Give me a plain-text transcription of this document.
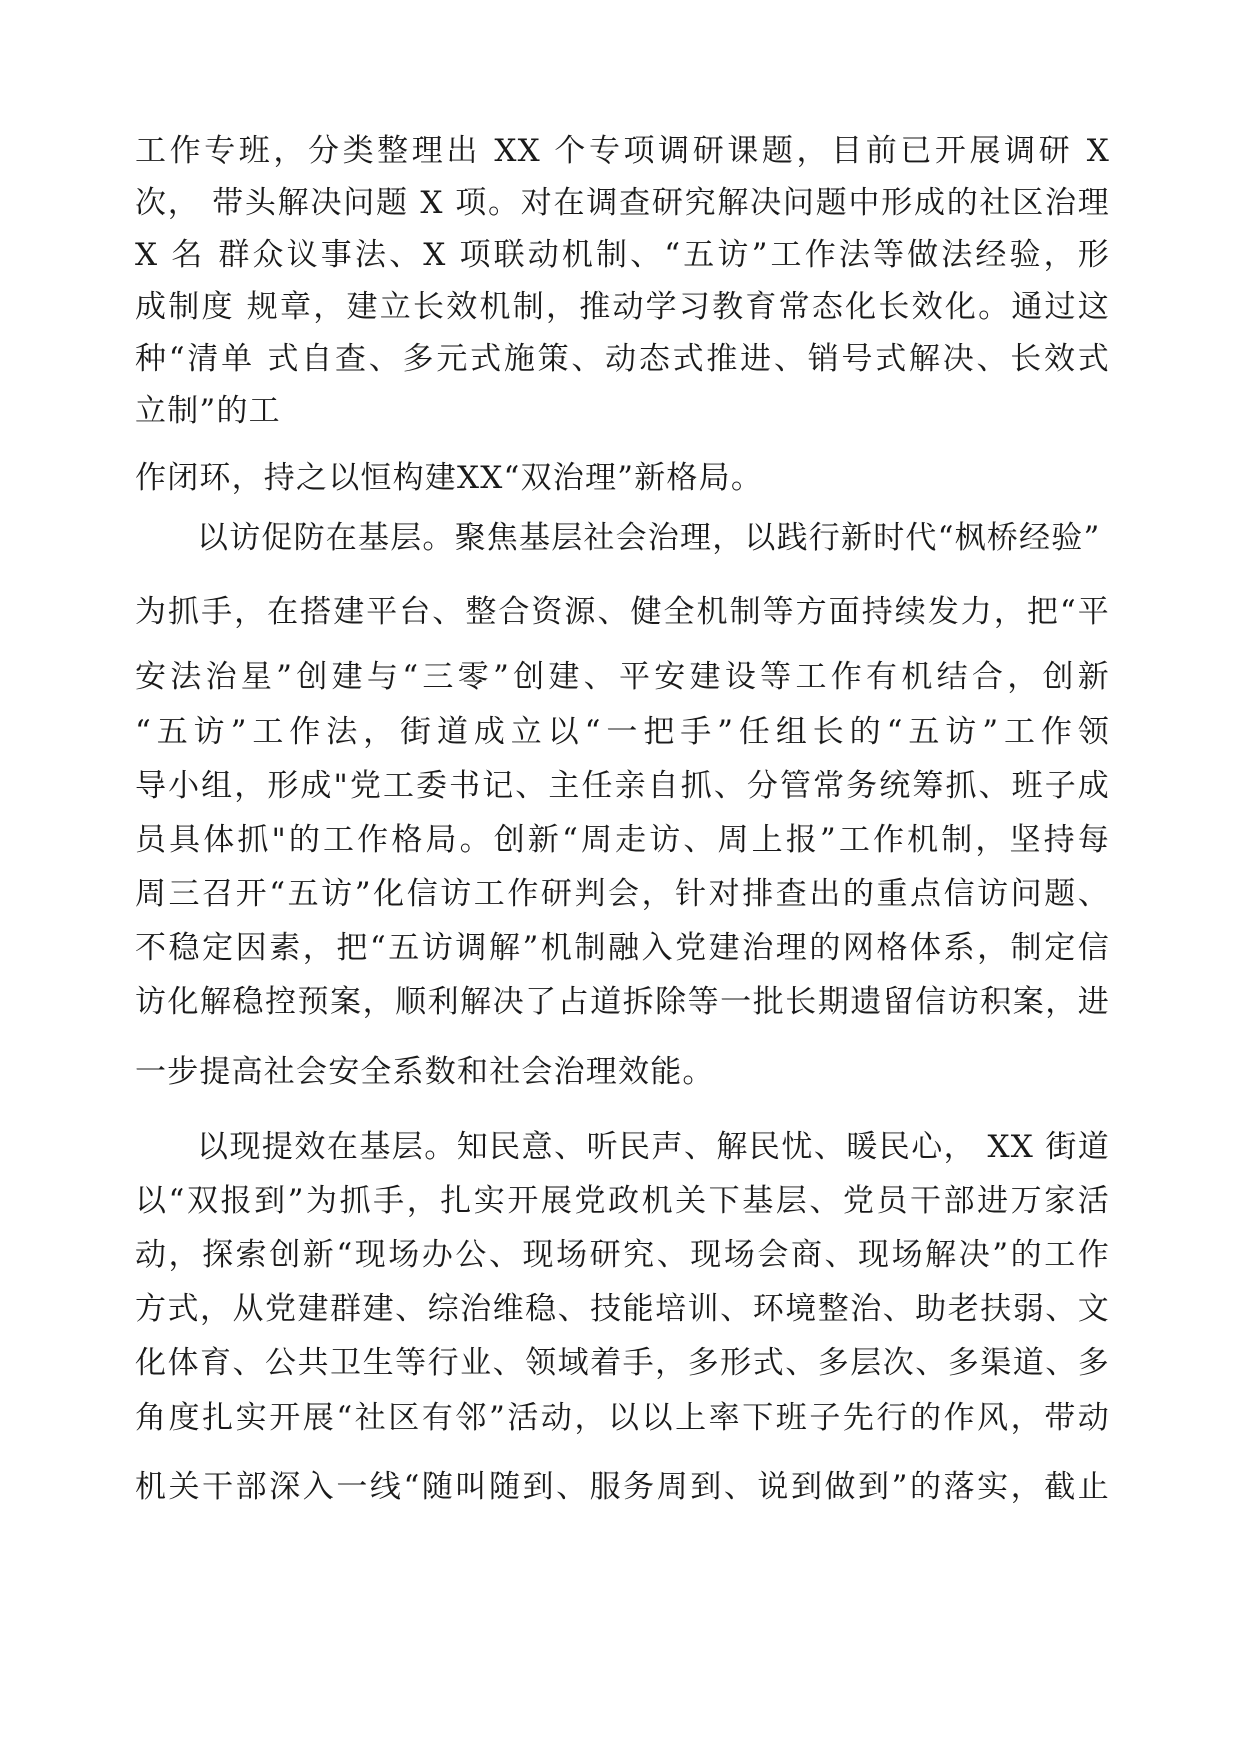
工作专班，分类整理出 XX 个专项调研课题，目前已开展调研 X
次， 带头解决问题 X 项。对在调查研究解决问题中形成的社区治理
X 名 群众议事法、X 项联动机制、“五访”工作法等做法经验，形
成制度 规章，建立长效机制，推动学习教育常态化长效化。通过这
种“清单 式自查、多元式施策、动态式推进、销号式解决、长效式
立制”的工
作闭环，持之以恒构建XX“双治理”新格局。
以访促防在基层。聚焦基层社会治理，以践行新时代“枫桥经验”
为抓手，在搭建平台、整合资源、健全机制等方面持续发力，把“平
安法治星”创建与“三零”创建、平安建设等工作有机结合，创新
“五访”工作法，街道成立以“一把手”任组长的“五访”工作领
导小组，形成"党工委书记、主任亲自抓、分管常务统筹抓、班子成
员具体抓"的工作格局。创新“周走访、周上报”工作机制，坚持每
周三召开“五访”化信访工作研判会，针对排查出的重点信访问题、
不稳定因素，把“五访调解”机制融入党建治理的网格体系，制定信
访化解稳控预案，顺利解决了占道拆除等一批长期遗留信访积案，进
一步提高社会安全系数和社会治理效能。
以现提效在基层。知民意、听民声、解民忧、暖民心， XX 街道
以“双报到”为抓手，扎实开展党政机关下基层、党员干部进万家活
动，探索创新“现场办公、现场研究、现场会商、现场解决”的工作
方式，从党建群建、综治维稳、技能培训、环境整治、助老扶弱、文
化体育、公共卫生等行业、领域着手，多形式、多层次、多渠道、多
角度扎实开展“社区有邻”活动，以以上率下班子先行的作风，带动
机关干部深入一线“随叫随到、服务周到、说到做到”的落实，截止
